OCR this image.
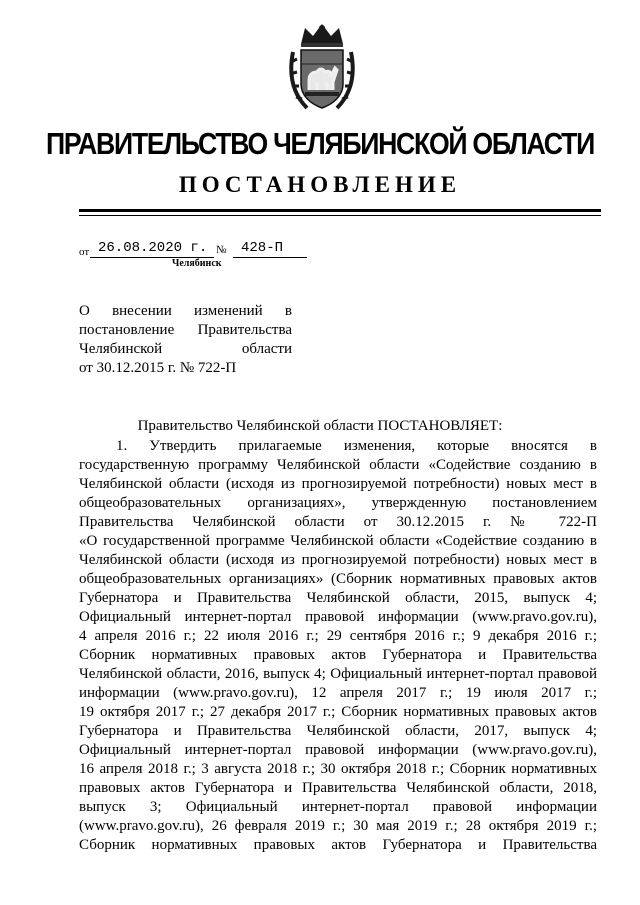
ПРАВИТЕЛЬСТВО ЧЕЛЯБИНСКОЙ ОБЛАСТИ
ПОСТАНОВЛЕНИЕ
от 26.08.2020 г. №	428-П
Челябинск
О внесении изменений в
постановление Правительства
Челябинской области
от 30.12.2015 г. № 722-П
Правительство Челябинской области ПОСТАНОВЛЯЕТ:
1. Утвердить прилагаемые изменения, которые вносятся в
государственную программу Челябинской области «Содействие созданию в
Челябинской области (исходя из прогнозируемой потребности) новых мест в
общеобразовательных организациях», утвержденную постановлением
Правительства Челябинской области от 30.12.2015 г. № 722-П
«О государственной программе Челябинской области «Содействие созданию в
Челябинской области (исходя из прогнозируемой потребности) новых мест в
общеобразовательных организациях» (Сборник нормативных правовых актов
Губернатора и Правительства Челябинской области, 2015, выпуск 4;
Официальный интернет-портал правовой информации (www.pravo.gov.ru),
4 апреля 2016 г.; 22 июля 2016 г.; 29 сентября 2016 г.; 9 декабря 2016 г.;
Сборник нормативных правовых актов Губернатора и Правительства
Челябинской области, 2016, выпуск 4; Официальный интернет-портал правовой
информации (www.pravo.gov.ru), 12 апреля 2017 г.; 19 июля 2017 г.;
19 октября 2017 г.; 27 декабря 2017 г.; Сборник нормативных правовых актов
Губернатора и Правительства Челябинской области, 2017, выпуск 4;
Официальный интернет-портал правовой информации (www.pravo.gov.ru),
16 апреля 2018 г.; 3 августа 2018 г.; 30 октября 2018 г.; Сборник нормативных
правовых актов Губернатора и Правительства Челябинской области, 2018,
выпуск 3; Официальный интернет-портал правовой информации
(www.pravo.gov.ru), 26 февраля 2019 г.; 30 мая 2019 г.; 28 октября 2019 г.;
Сборник нормативных правовых актов Губернатора и Правительства
